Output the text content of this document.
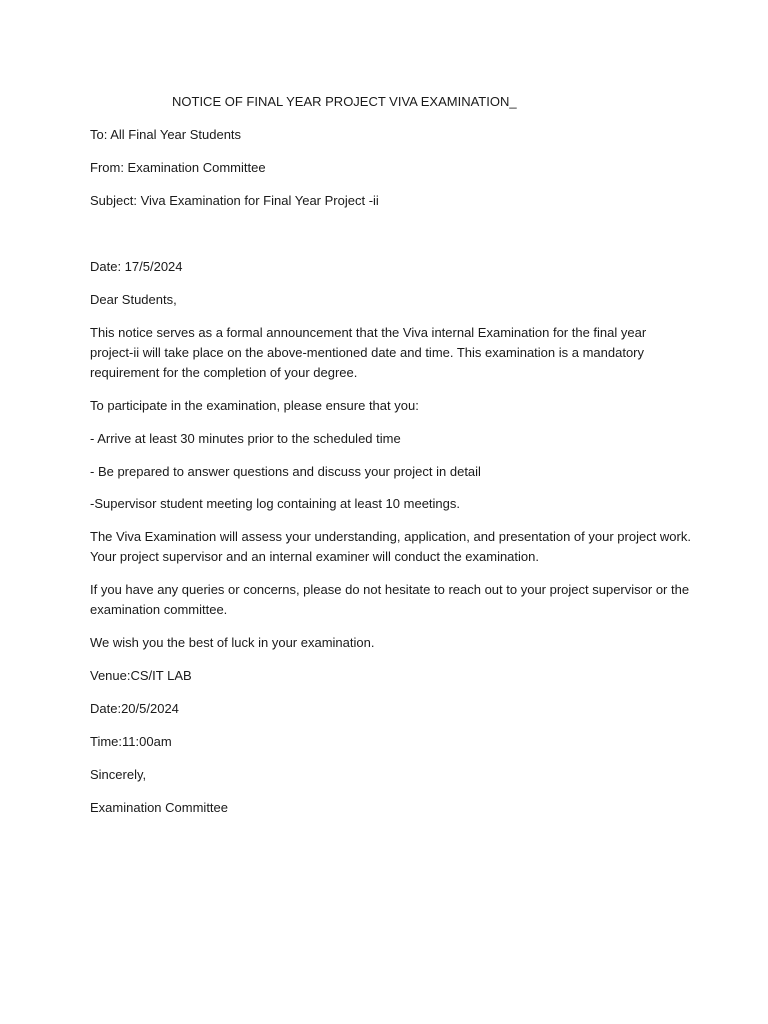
NOTICE OF FINAL YEAR PROJECT VIVA EXAMINATION_
To: All Final Year Students
From: Examination Committee
Subject: Viva Examination for Final Year Project -ii
Date: 17/5/2024
Dear Students,
This notice serves as a formal announcement that the Viva internal Examination for the final year
project-ii will take place on the above-mentioned date and time. This examination is a mandatory
requirement for the completion of your degree.
To participate in the examination, please ensure that you:
- Arrive at least 30 minutes prior to the scheduled time
- Be prepared to answer questions and discuss your project in detail
-Supervisor student meeting log containing at least 10 meetings.
The Viva Examination will assess your understanding, application, and presentation of your project work.
Your project supervisor and an internal examiner will conduct the examination.
If you have any queries or concerns, please do not hesitate to reach out to your project supervisor or the
examination committee.
We wish you the best of luck in your examination.
Venue:CS/IT LAB
Date:20/5/2024
Time:11:00am
Sincerely,
Examination Committee
